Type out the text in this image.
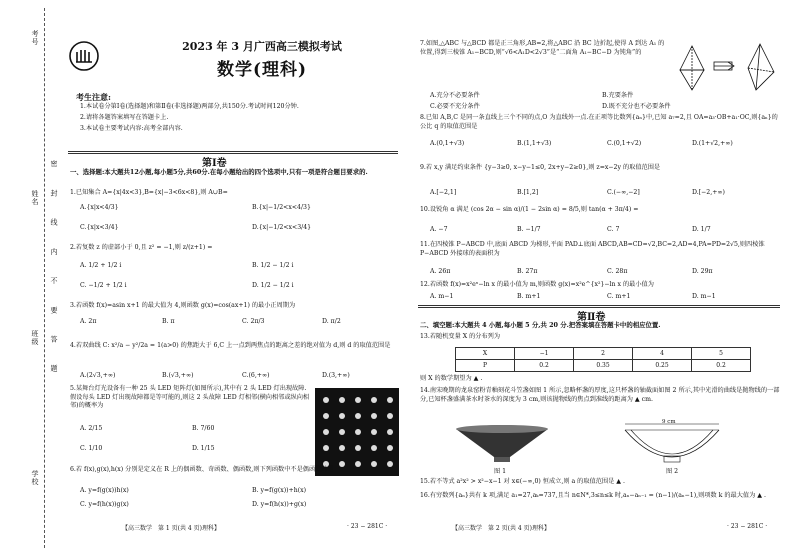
考号
姓名
班级
学校
密 封 线 内 不 要 答 题
2023 年 3 月广西高三模拟考试
数学(理科)
考生注意:
1.本试卷分第Ⅰ卷(选择题)和第Ⅱ卷(非选择题)两部分,共150分.考试时间120分钟.
2.请将各题答案填写在答题卡上.
3.本试卷主要考试内容:高考全部内容.
第Ⅰ卷
一、选择题:本大题共12小题,每小题5分,共60分.在每小题给出的四个选项中,只有一项是符合题目要求的.
1.已知集合 A={x|4x<3},B={x|−3<6x<8},则 A∪B=
A.{x|x<4/3}	B.{x|−1/2<x<4/3}
C.{x|x<3/4}	D.{x|−1/2<x<3/4}
2.若复数 z 的虚部小于 0,且 z² = −1,则 z/(z+1) =
A. 1/2 + 1/2 i	B. 1/2 − 1/2 i
C. −1/2 + 1/2 i	D. 1/2 − 1/2 i
3.若函数 f(x)=asin x+1 的最大值为 4,则函数 g(x)=cos(ax+1) 的最小正周期为
A. 2π	B. π	C. 2π/3	D. π/2
4.若双曲线 C: x²/a − y²/2a = 1(a>0) 的焦距大于 6,C 上一点到两焦点的距离之差的绝对值为 d,则 d 的取值范围是
A.(2√3,+∞)	B.(√3,+∞)	C.(6,+∞)	D.(3,+∞)
5.某舞台灯光设备有一种 25 头 LED 矩阵灯(如图所示),其中有 2 头 LED 灯出现故障.假设每头 LED 灯出现故障都是等可能的,则这 2 头故障 LED 灯相邻(横向相邻或纵向相邻)的概率为
A. 2/15	B. 7/60
C. 1/10	D. 1/15
6.若 f(x),g(x),h(x) 分别是定义在 R 上的偶函数、奇函数、偶函数,则下列函数中不是偶函数的是
A. y=f(g(x))h(x)	B. y=f(g(x))+h(x)
C. y=f(h(x))g(x)	D. y=f(h(x))+g(x)
【高三数学　第 1 页(共 4 页)理科】	· 23 − 281C ·
7.如图,△ABC 与△BCD 都是正三角形,AB=2,将△ABC 沿 BC 边折起,使得 A 到达 A₁ 的位置,得到三棱锥 A₁−BCD,则“√6<A₁D<2√3”是“二面角 A₁−BC−D 为钝角”的
A.充分不必要条件	B.充要条件
C.必要不充分条件	D.既不充分也不必要条件
8.已知 A,B,C 是同一条直线上三个不同的点,O 为直线外一点.在正项等比数列{aₙ}中,已知 a₇=2,且 OA=a₃·OB+a₁·OC,则{aₙ}的公比 q 的取值范围是
A.(0,1+√3)	B.(1,1+√3)	C.(0,1+√2)	D.(1+√2,+∞)
9.若 x,y 满足约束条件 {y−3≥0, x−y−1≤0, 2x+y−2≥0},则 z=x−2y 的取值范围是
A.[−2,1]	B.[1,2]	C.(−∞,−2]	D.[−2,+∞)
10.设锐角 α 满足 (cos 2α − sin α)/(1 − 2sin α) = 8/5,则 tan(α + 3π/4) =
A. −7	B. −1/7	C. 7	D. 1/7
11.在四棱锥 P−ABCD 中,底面 ABCD 为梯形,平面 PAD⊥底面 ABCD,AB=CD=√2,BC=2,AD=4,PA=PD=2√5,则四棱锥 P−ABCD 外接球的表面积为
A. 26π	B. 27π	C. 28π	D. 29π
12.若函数 f(x)=x²eˣ−ln x 的最小值为 m,则函数 g(x)=x²e^{x²}−ln x 的最小值为
A. m−1	B. m+1	C. m+1	D. m−1
第Ⅱ卷
二、填空题:本大题共 4 小题,每小题 5 分,共 20 分.把答案填在答题卡中的相应位置.
13.若随机变量 X 的分布列为
则 X 的数学期望为 ▲ .
14.南宋晚期的龙泉窑粉青釉刻花斗笠盏如图 1 所示,忽略杯盏的厚度,这只杯盏的轴截面如图 2 所示,其中光滑的曲线是抛物线的一部分,已知杯盏盛满茶水时茶水的深度为 3 cm,则该抛物线的焦点到准线的距离为 ▲ cm.
图 1
9 cm
图 2
15.若不等式 a²x² > x²−x−1 对 x∈(−∞,0) 恒成立,则 a 的取值范围是 ▲ .
16.有穷数列{aₙ}共有 k 项,满足 a₁=27,aₖ=737,且当 n∈N*,3≤n≤k 时,aₙ−aₙ₋₁ = (n−1)/(aₙ−1),则项数 k 的最大值为 ▲ .
【高三数学　第 2 页(共 4 页)理科】	· 23 − 281C ·
X	−1	2	4	5
P	0.2	0.35	0.25	0.2
